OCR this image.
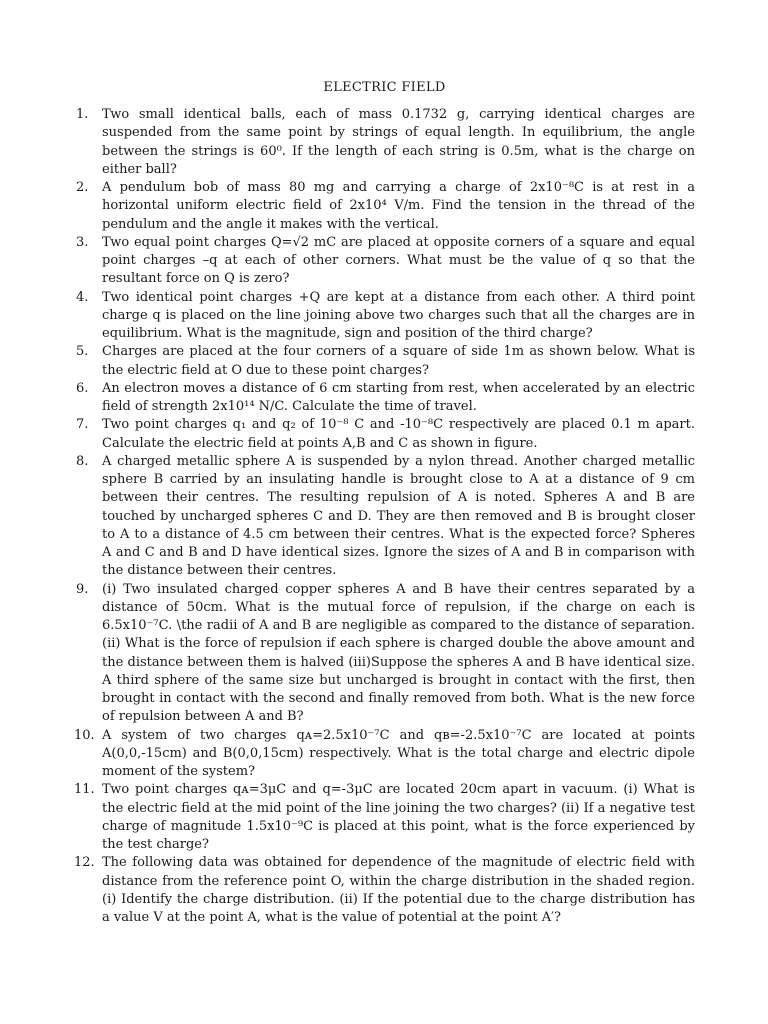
ELECTRIC FIELD
1. Two small identical balls, each of mass 0.1732 g, carrying identical charges are suspended from the same point by strings of equal length. In equilibrium, the angle between the strings is 60⁰. If the length of each string is 0.5m, what is the charge on either ball?
2. A pendulum bob of mass 80 mg and carrying a charge of 2x10⁻⁸C is at rest in a horizontal uniform electric field of 2x10⁴ V/m. Find the tension in the thread of the pendulum and the angle it makes with the vertical.
3. Two equal point charges Q=√2 mC are placed at opposite corners of a square and equal point charges –q at each of other corners. What must be the value of q so that the resultant force on Q is zero?
4. Two identical point charges +Q are kept at a distance from each other. A third point charge q is placed on the line joining above two charges such that all the charges are in equilibrium. What is the magnitude, sign and position of the third charge?
5. Charges are placed at the four corners of a square of side 1m as shown below. What is the electric field at O due to these point charges?
6. An electron moves a distance of 6 cm starting from rest, when accelerated by an electric field of strength 2x10¹⁴ N/C. Calculate the time of travel.
7. Two point charges q₁ and q₂ of 10⁻⁸ C and -10⁻⁸C respectively are placed 0.1 m apart. Calculate the electric field at points A,B and C as shown in figure.
8. A charged metallic sphere A is suspended by a nylon thread. Another charged metallic sphere B carried by an insulating handle is brought close to A at a distance of 9 cm between their centres. The resulting repulsion of A is noted. Spheres A and B are touched by uncharged spheres C and D. They are then removed and B is brought closer to A to a distance of 4.5 cm between their centres. What is the expected force? Spheres A and C and B and D have identical sizes. Ignore the sizes of A and B in comparison with the distance between their centres.
9. (i) Two insulated charged copper spheres A and B have their centres separated by a distance of 50cm. What is the mutual force of repulsion, if the charge on each is 6.5x10⁻⁷C. \the radii of A and B are negligible as compared to the distance of separation. (ii) What is the force of repulsion if each sphere is charged double the above amount and the distance between them is halved (iii)Suppose the spheres A and B have identical size. A third sphere of the same size but uncharged is brought in contact with the first, then brought in contact with the second and finally removed from both. What is the new force of repulsion between A and B?
10. A system of two charges qᴀ=2.5x10⁻⁷C and qʙ=-2.5x10⁻⁷C are located at points A(0,0,-15cm) and B(0,0,15cm) respectively. What is the total charge and electric dipole moment of the system?
11. Two point charges qᴀ=3μC and q=-3μC are located 20cm apart in vacuum. (i) What is the electric field at the mid point of the line joining the two charges? (ii) If a negative test charge of magnitude 1.5x10⁻⁹C is placed at this point, what is the force experienced by the test charge?
12. The following data was obtained for dependence of the magnitude of electric field with distance from the reference point O, within the charge distribution in the shaded region. (i) Identify the charge distribution. (ii) If the potential due to the charge distribution has a value V at the point A, what is the value of potential at the point A′?
